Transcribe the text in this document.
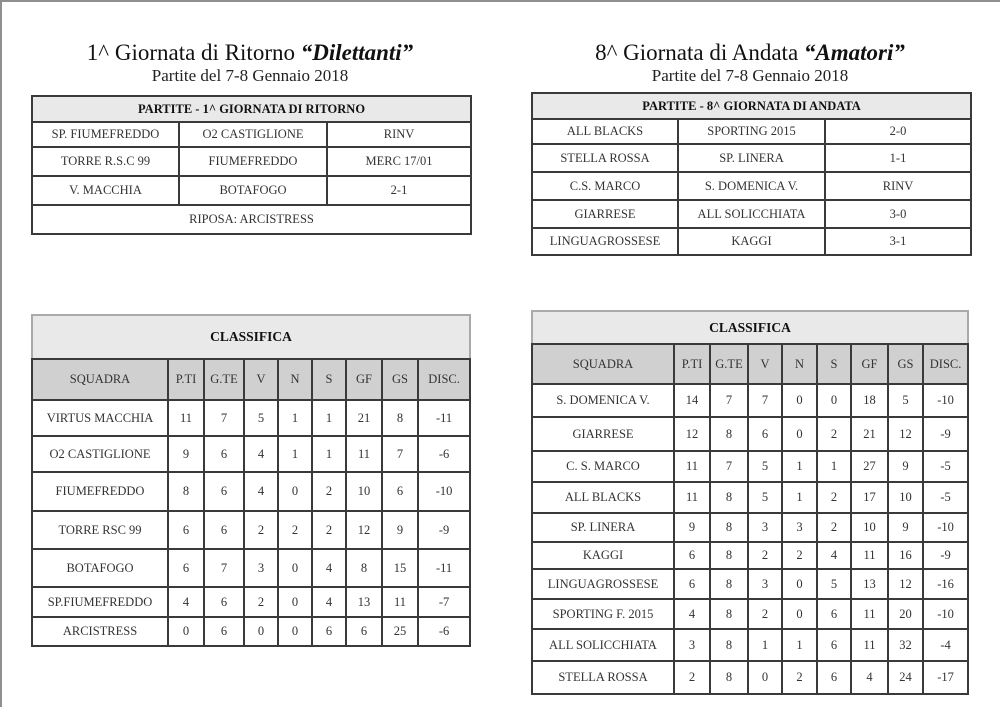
1^ Giornata di Ritorno “Dilettanti”
Partite del 7-8 Gennaio 2018
8^ Giornata di Andata “Amatori”
Partite del 7-8 Gennaio 2018
PARTITE - 1^ GIORNATA DI RITORNO		
SP. FIUMEFREDDO	O2 CASTIGLIONE	RINV
TORRE R.S.C 99	FIUMEFREDDO	MERC 17/01
V. MACCHIA	BOTAFOGO	2-1
RIPOSA: ARCISTRESS		
PARTITE - 8^ GIORNATA DI ANDATA		
ALL BLACKS	SPORTING 2015	2-0
STELLA ROSSA	SP. LINERA	1-1
C.S. MARCO	S. DOMENICA V.	RINV
GIARRESE	ALL SOLICCHIATA	3-0
LINGUAGROSSESE	KAGGI	3-1
CLASSIFICA								
SQUADRA	P.TI	G.TE	V	N	S	GF	GS	DISC.
VIRTUS MACCHIA	11	7	5	1	1	21	8	-11
O2 CASTIGLIONE	9	6	4	1	1	11	7	-6
FIUMEFREDDO	8	6	4	0	2	10	6	-10
TORRE RSC 99	6	6	2	2	2	12	9	-9
BOTAFOGO	6	7	3	0	4	8	15	-11
SP.FIUMEFREDDO	4	6	2	0	4	13	11	-7
ARCISTRESS	0	6	0	0	6	6	25	-6
CLASSIFICA								
SQUADRA	P.TI	G.TE	V	N	S	GF	GS	DISC.
S. DOMENICA V.	14	7	7	0	0	18	5	-10
GIARRESE	12	8	6	0	2	21	12	-9
C. S. MARCO	11	7	5	1	1	27	9	-5
ALL BLACKS	11	8	5	1	2	17	10	-5
SP. LINERA	9	8	3	3	2	10	9	-10
KAGGI	6	8	2	2	4	11	16	-9
LINGUAGROSSESE	6	8	3	0	5	13	12	-16
SPORTING F. 2015	4	8	2	0	6	11	20	-10
ALL SOLICCHIATA	3	8	1	1	6	11	32	-4
STELLA ROSSA	2	8	0	2	6	4	24	-17
